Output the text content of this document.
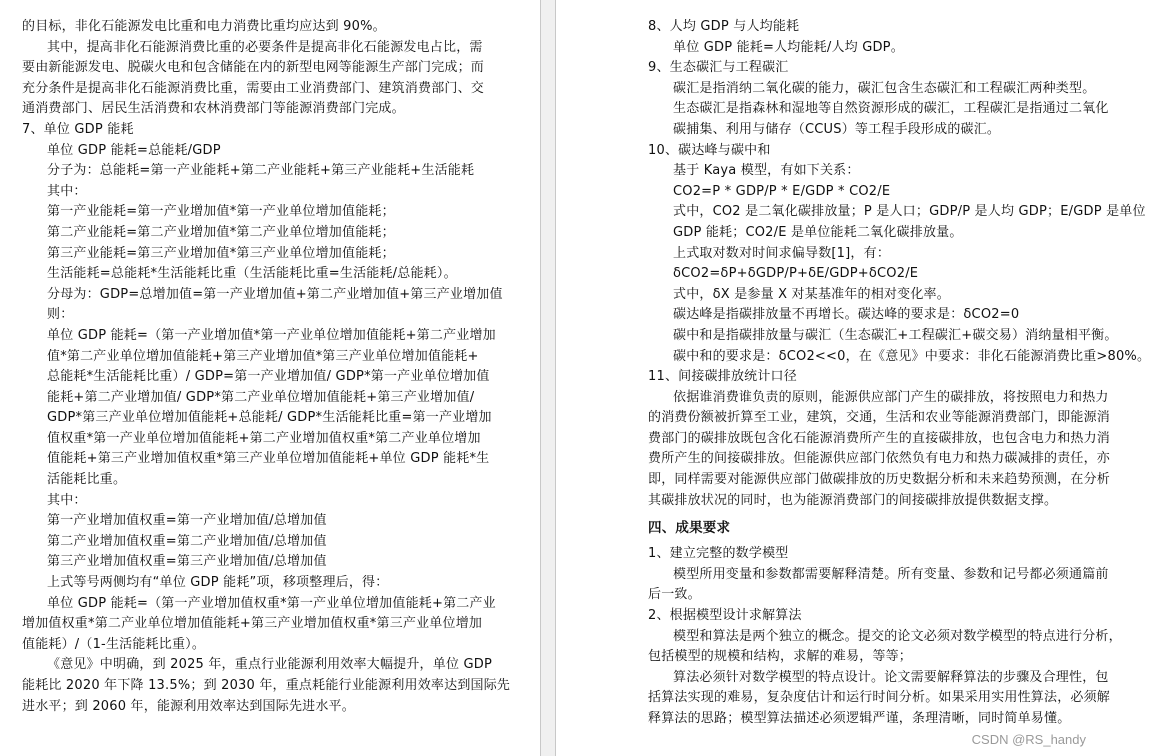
的目标，非化石能源发电比重和电力消费比重均应达到 90%。
其中，提高非化石能源消费比重的必要条件是提高非化石能源发电占比，需
要由新能源发电、脱碳火电和包含储能在内的新型电网等能源生产部门完成；而
充分条件是提高非化石能源消费比重，需要由工业消费部门、建筑消费部门、交
通消费部门、居民生活消费和农林消费部门等能源消费部门完成。
7、单位 GDP 能耗
单位 GDP 能耗=总能耗/GDP
分子为：总能耗=第一产业能耗+第二产业能耗+第三产业能耗+生活能耗
其中：
第一产业能耗=第一产业增加值*第一产业单位增加值能耗；
第二产业能耗=第二产业增加值*第二产业单位增加值能耗；
第三产业能耗=第三产业增加值*第三产业单位增加值能耗；
生活能耗=总能耗*生活能耗比重（生活能耗比重=生活能耗/总能耗）。
分母为：GDP=总增加值=第一产业增加值+第二产业增加值+第三产业增加值
则：
单位 GDP 能耗=（第一产业增加值*第一产业单位增加值能耗+第二产业增加
值*第二产业单位增加值能耗+第三产业增加值*第三产业单位增加值能耗+
总能耗*生活能耗比重）/ GDP=第一产业增加值/ GDP*第一产业单位增加值
能耗+第二产业增加值/ GDP*第二产业单位增加值能耗+第三产业增加值/
GDP*第三产业单位增加值能耗+总能耗/ GDP*生活能耗比重=第一产业增加
值权重*第一产业单位增加值能耗+第二产业增加值权重*第二产业单位增加
值能耗+第三产业增加值权重*第三产业单位增加值能耗+单位 GDP 能耗*生
活能耗比重。
其中：
第一产业增加值权重=第一产业增加值/总增加值
第二产业增加值权重=第二产业增加值/总增加值
第三产业增加值权重=第三产业增加值/总增加值
上式等号两侧均有“单位 GDP 能耗”项，移项整理后，得：
单位 GDP 能耗=（第一产业增加值权重*第一产业单位增加值能耗+第二产业
增加值权重*第二产业单位增加值能耗+第三产业增加值权重*第三产业单位增加
值能耗）/（1-生活能耗比重）。
《意见》中明确，到 2025 年，重点行业能源利用效率大幅提升，单位 GDP
能耗比 2020 年下降 13.5%；到 2030 年，重点耗能行业能源利用效率达到国际先
进水平；到 2060 年，能源利用效率达到国际先进水平。
8、人均 GDP 与人均能耗
单位 GDP 能耗=人均能耗/人均 GDP。
9、生态碳汇与工程碳汇
碳汇是指消纳二氧化碳的能力，碳汇包含生态碳汇和工程碳汇两种类型。
生态碳汇是指森林和湿地等自然资源形成的碳汇，工程碳汇是指通过二氧化
碳捕集、利用与储存（CCUS）等工程手段形成的碳汇。
10、碳达峰与碳中和
基于 Kaya 模型，有如下关系：
CO2=P * GDP/P * E/GDP * CO2/E
式中，CO2 是二氧化碳排放量；P 是人口；GDP/P 是人均 GDP；E/GDP 是单位
GDP 能耗；CO2/E 是单位能耗二氧化碳排放量。
上式取对数对时间求偏导数[1]，有：
δCO2=δP+δGDP/P+δE/GDP+δCO2/E
式中，δX 是参量 X 对某基准年的相对变化率。
碳达峰是指碳排放量不再增长。碳达峰的要求是：δCO2=0
碳中和是指碳排放量与碳汇（生态碳汇+工程碳汇+碳交易）消纳量相平衡。
碳中和的要求是：δCO2<<0，在《意见》中要求：非化石能源消费比重>80%。
11、间接碳排放统计口径
依据谁消费谁负责的原则，能源供应部门产生的碳排放，将按照电力和热力
的消费份额被折算至工业，建筑，交通，生活和农业等能源消费部门，即能源消
费部门的碳排放既包含化石能源消费所产生的直接碳排放，也包含电力和热力消
费所产生的间接碳排放。但能源供应部门依然负有电力和热力碳减排的责任，亦
即，同样需要对能源供应部门做碳排放的历史数据分析和未来趋势预测，在分析
其碳排放状况的同时，也为能源消费部门的间接碳排放提供数据支撑。
四、成果要求
1、建立完整的数学模型
模型所用变量和参数都需要解释清楚。所有变量、参数和记号都必须通篇前
后一致。
2、根据模型设计求解算法
模型和算法是两个独立的概念。提交的论文必须对数学模型的特点进行分析，
包括模型的规模和结构，求解的难易，等等；
算法必须针对数学模型的特点设计。论文需要解释算法的步骤及合理性，包
括算法实现的难易，复杂度估计和运行时间分析。如果采用实用性算法，必须解
释算法的思路；模型算法描述必须逻辑严谨，条理清晰，同时简单易懂。
CSDN @RS_handy
